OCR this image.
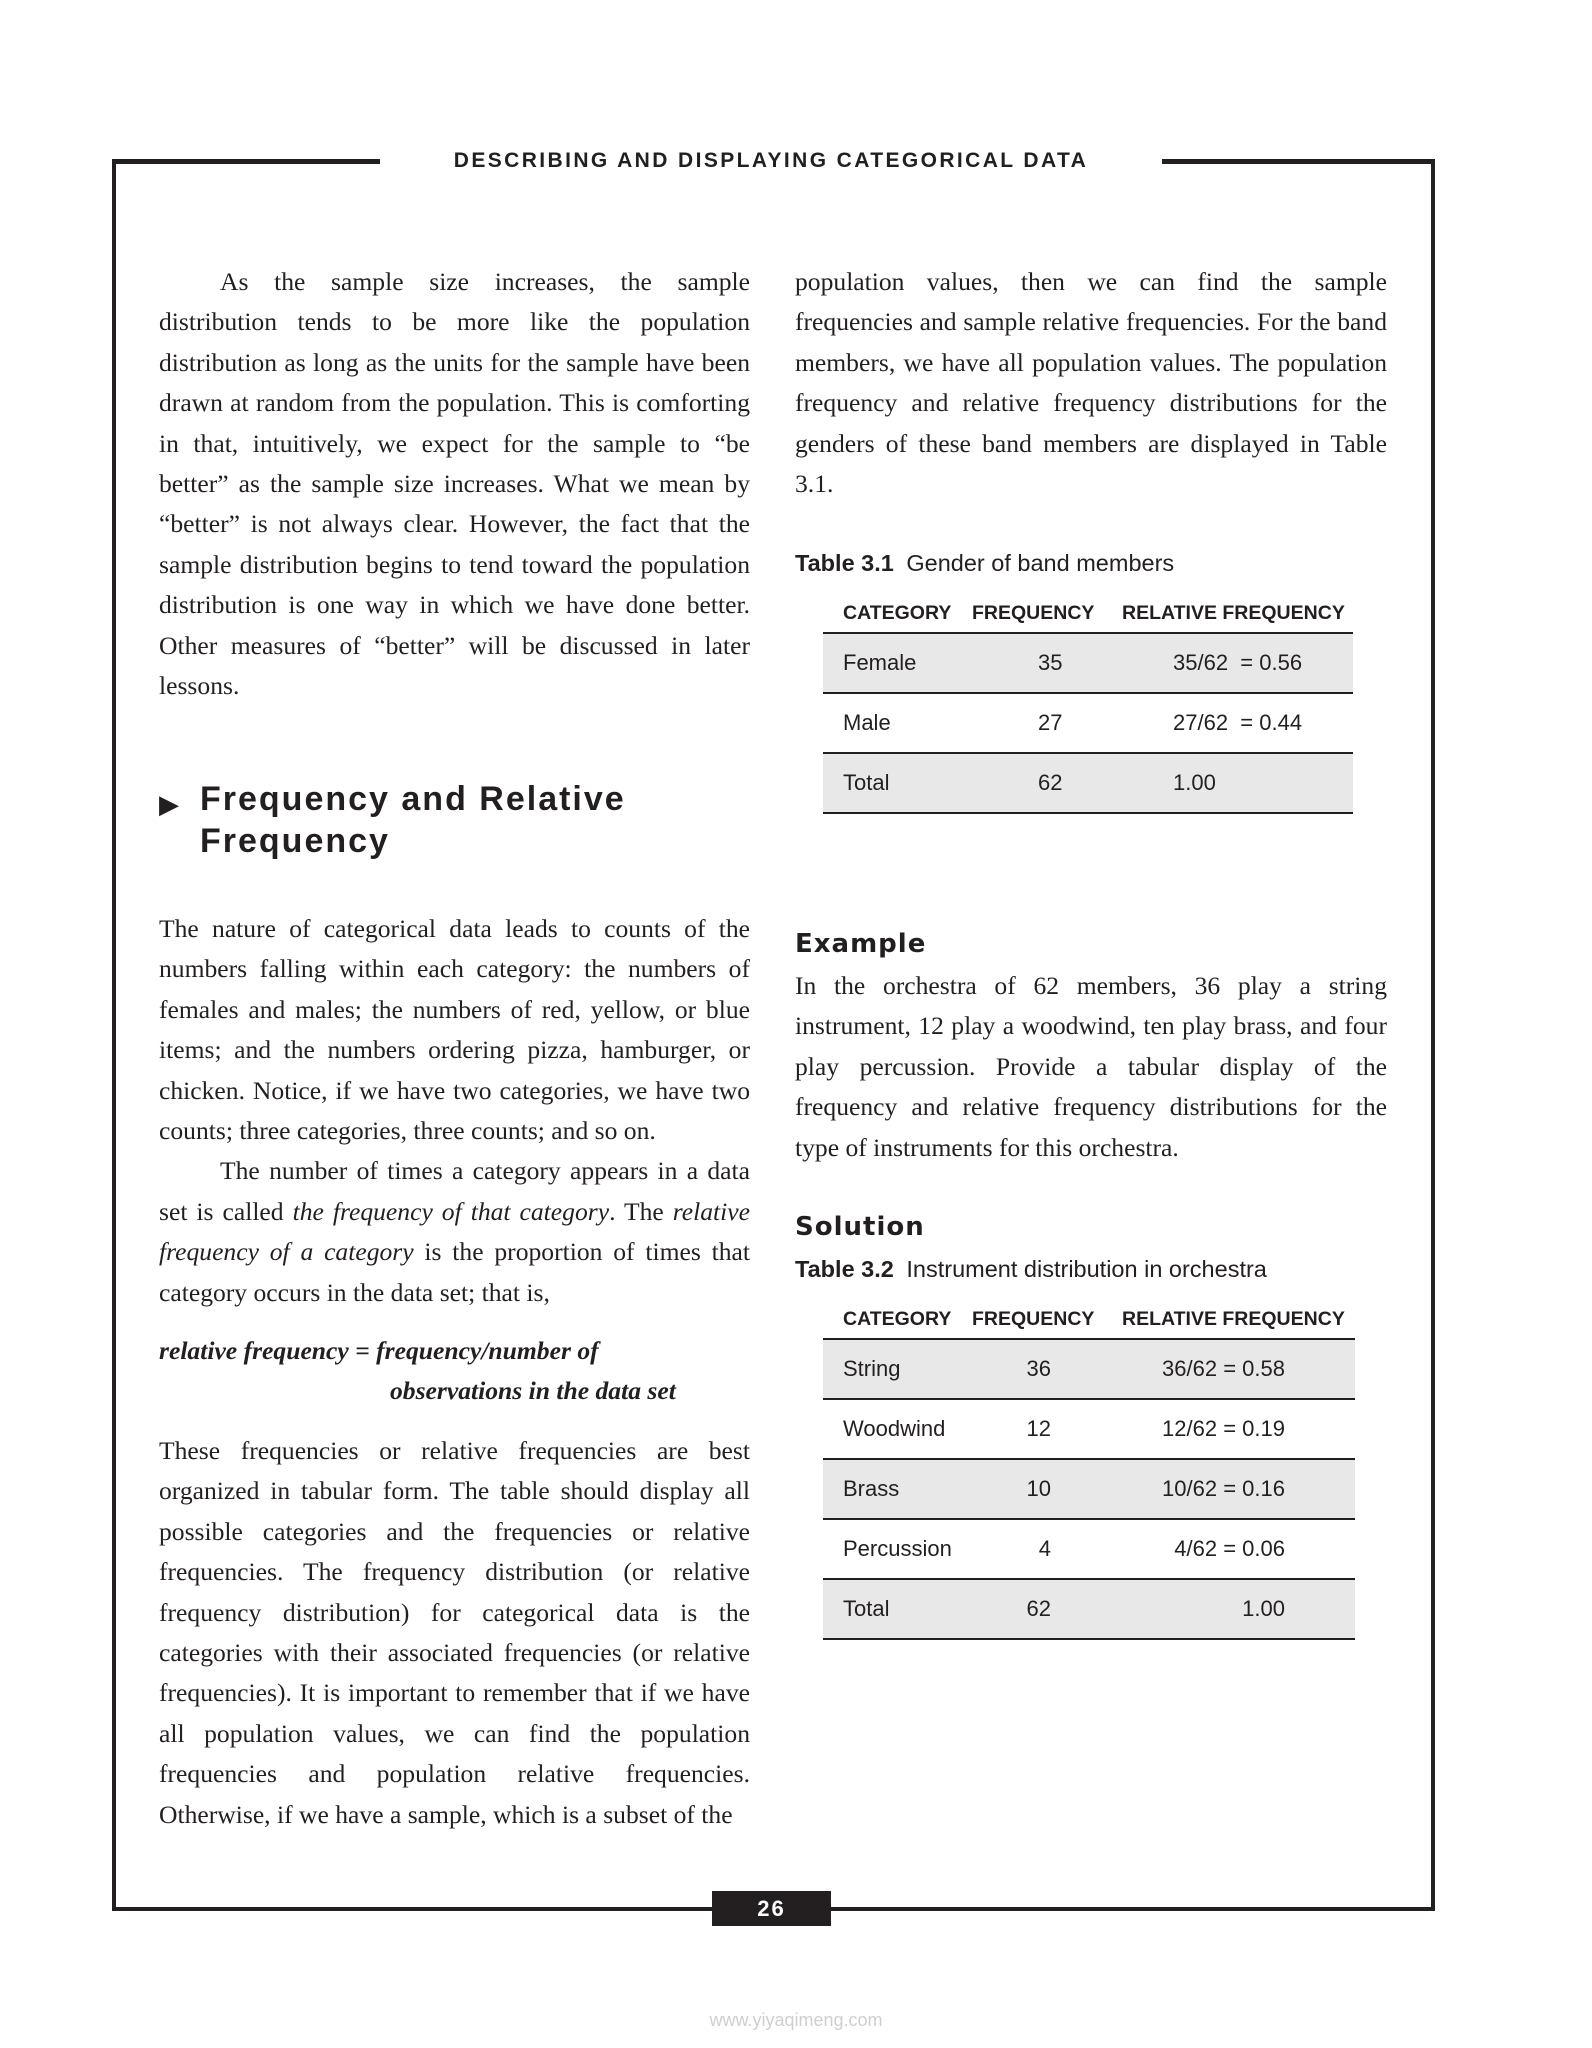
DESCRIBING AND DISPLAYING CATEGORICAL DATA
26
www.yiyaqimeng.com

As the sample size increases, the sample distribution tends to be more like the population distribution as long as the units for the sample have been drawn at random from the population. This is comforting in that, intuitively, we expect for the sample to “be better” as the sample size increases. What we mean by “better” is not always clear. However, the fact that the sample distribution begins to tend toward the population distribution is one way in which we have done better. Other measures of “better” will be discussed in later lessons.

▶ Frequency and Relative Frequency

The nature of categorical data leads to counts of the numbers falling within each category: the numbers of females and males; the numbers of red, yellow, or blue items; and the numbers ordering pizza, hamburger, or chicken. Notice, if we have two categories, we have two counts; three categories, three counts; and so on.

The number of times a category appears in a data set is called the frequency of that category. The relative frequency of a category is the proportion of times that category occurs in the data set; that is,

relative frequency = frequency/number of
observations in the data set

These frequencies or relative frequencies are best organized in tabular form. The table should display all possible categories and the frequencies or relative frequencies. The frequency distribution (or relative frequency distribution) for categorical data is the categories with their associated frequencies (or relative frequencies). It is important to remember that if we have all population values, we can find the population frequencies and population relative frequencies. Otherwise, if we have a sample, which is a subset of the

population values, then we can find the sample frequencies and sample relative frequencies. For the band members, we have all population values. The population frequency and relative frequency distributions for the genders of these band members are displayed in Table 3.1.

Table 3.1 Gender of band members
CATEGORY FREQUENCY RELATIVE FREQUENCY
Female	35	35/62  = 0.56
Male	27	27/62  = 0.44
Total	62	1.00
Example

In the orchestra of 62 members, 36 play a string instrument, 12 play a woodwind, ten play brass, and four play percussion. Provide a tabular display of the frequency and relative frequency distributions for the type of instruments for this orchestra.

Solution
Table 3.2 Instrument distribution in orchestra
CATEGORY FREQUENCY RELATIVE FREQUENCY
String	36	36/62 = 0.58
Woodwind	12	12/62 = 0.19
Brass	10	10/62 = 0.16
Percussion	4	4/62 = 0.06
Total	62	1.00
